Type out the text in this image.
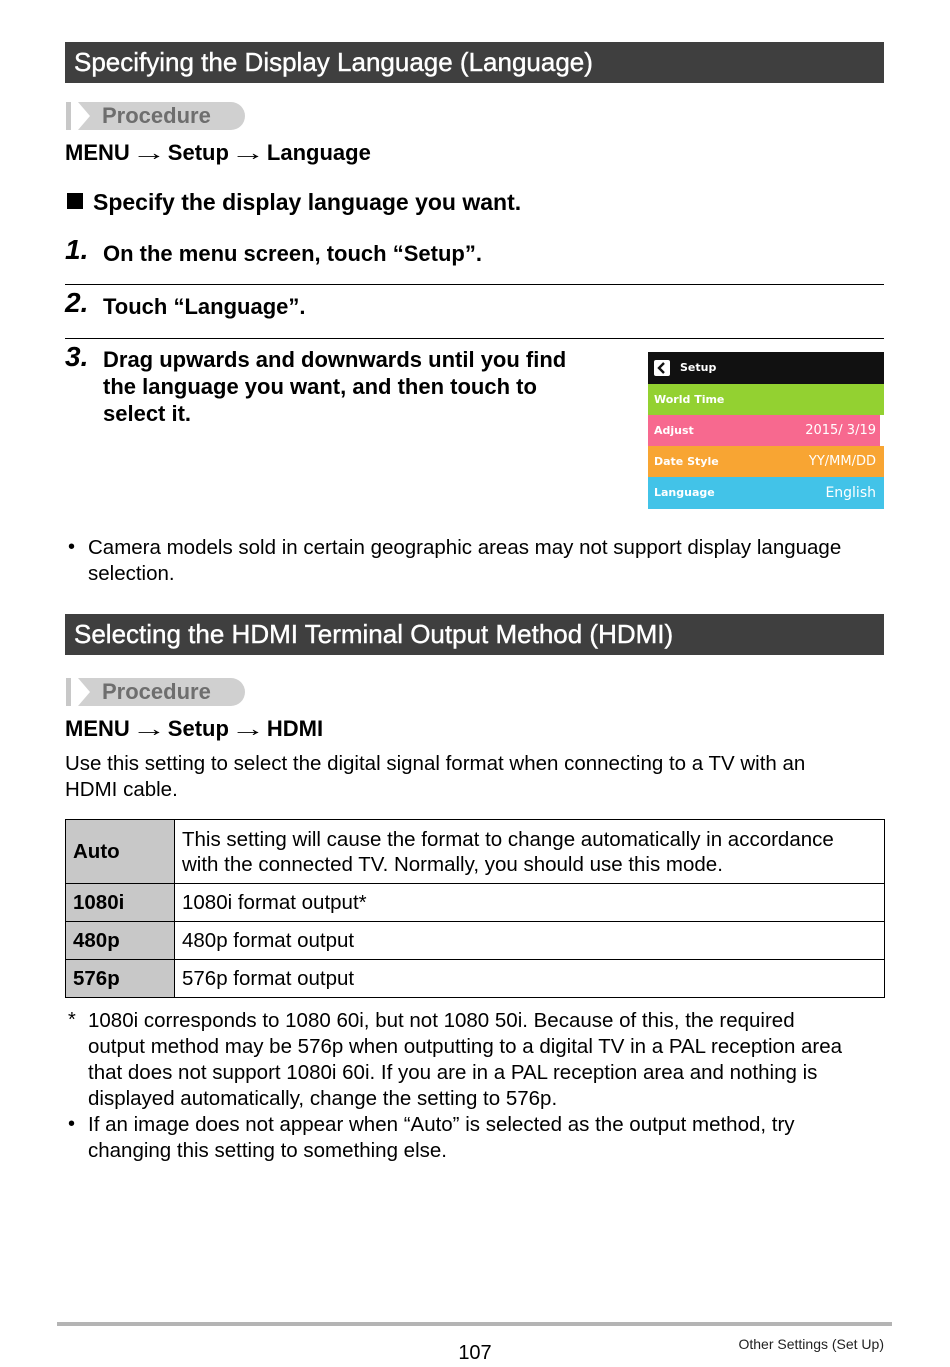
Specifying the Display Language (Language)
Procedure
MENU→Setup→Language
Specify the display language you want.
1. On the menu screen, touch “Setup”.
2. Touch “Language”.
3. Drag upwards and downwards until you find
the language you want, and then touch to
select it.
Setup
World Time
Adjust	2015/ 3/19
Date Style	YY/MM/DD
Language	English
• Camera models sold in certain geographic areas may not support display language
selection.
Selecting the HDMI Terminal Output Method (HDMI)
Procedure
MENU→Setup→HDMI
Use this setting to select the digital signal format when connecting to a TV with an
HDMI cable.
Auto	This setting will cause the format to change automatically in accordance
with the connected TV. Normally, you should use this mode.

1080i	1080i format output*
480p	480p format output
576p	576p format output
* 1080i corresponds to 1080 60i, but not 1080 50i. Because of this, the required
output method may be 576p when outputting to a digital TV in a PAL reception area
that does not support 1080i 60i. If you are in a PAL reception area and nothing is
displayed automatically, change the setting to 576p.
• If an image does not appear when “Auto” is selected as the output method, try
changing this setting to something else.
107	Other Settings (Set Up)
